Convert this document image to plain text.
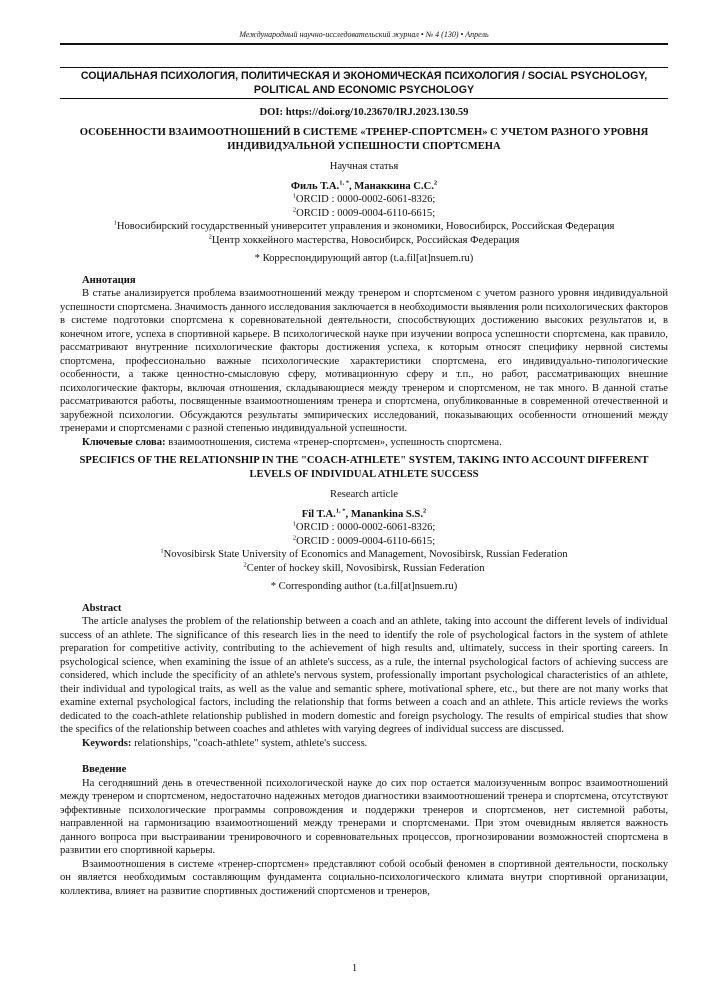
Международный научно-исследовательский журнал • № 4 (130) • Апрель
СОЦИАЛЬНАЯ ПСИХОЛОГИЯ, ПОЛИТИЧЕСКАЯ И ЭКОНОМИЧЕСКАЯ ПСИХОЛОГИЯ / SOCIAL PSYCHOLOGY, POLITICAL AND ECONOMIC PSYCHOLOGY
DOI: https://doi.org/10.23670/IRJ.2023.130.59
ОСОБЕННОСТИ ВЗАИМООТНОШЕНИЙ В СИСТЕМЕ «ТРЕНЕР-СПОРТСМЕН» С УЧЕТОМ РАЗНОГО УРОВНЯ ИНДИВИДУАЛЬНОЙ УСПЕШНОСТИ СПОРТСМЕНА
Научная статья
Филь Т.А.$^{1, *}$, Манаккина С.С.$^2$
$^1$ORCID : 0000-0002-6061-8326;
$^2$ORCID : 0009-0004-6110-6615;
$^1$Новосибирский государственный университет управления и экономики, Новосибирск, Российская Федерация
$^2$Центр хоккейного мастерства, Новосибирск, Российская Федерация
* Корреспондирующий автор (t.a.fil[at]nsuem.ru)
Аннотация

В статье анализируется проблема взаимоотношений между тренером и спортсменом с учетом разного уровня индивидуальной успешности спортсмена. Значимость данного исследования заключается в необходимости выявления роли психологических факторов в системе подготовки спортсмена к соревновательной деятельности, способствующих достижению высоких результатов и, в конечном итоге, успеха в спортивной карьере. В психологической науке при изучении вопроса успешности спортсмена, как правило, рассматривают внутренние психологические факторы достижения успеха, к которым относят специфику нервной системы спортсмена, профессионально важные психологические характеристики спортсмена, его индивидуально-типологические особенности, а также ценностно-смысловую сферу, мотивационную сферу и т.п., но работ, рассматривающих внешние психологические факторы, включая отношения, складывающиеся между тренером и спортсменом, не так много. В данной статье рассматриваются работы, посвященные взаимоотношениям тренера и спортсмена, опубликованные в современной отечественной и зарубежной психологии. Обсуждаются результаты эмпирических исследований, показывающих особенности отношений между тренерами и спортсменами с разной степенью индивидуальной успешности.

Ключевые слова: взаимоотношения, система «тренер-спортсмен», успешность спортсмена.
SPECIFICS OF THE RELATIONSHIP IN THE "COACH-ATHLETE" SYSTEM, TAKING INTO ACCOUNT DIFFERENT LEVELS OF INDIVIDUAL ATHLETE SUCCESS
Research article
Fil T.A.$^{1, *}$, Manankina S.S.$^2$
$^1$ORCID : 0000-0002-6061-8326;
$^2$ORCID : 0009-0004-6110-6615;
$^1$Novosibirsk State University of Economics and Management, Novosibirsk, Russian Federation
$^2$Center of hockey skill, Novosibirsk, Russian Federation
* Corresponding author (t.a.fil[at]nsuem.ru)
Abstract

The article analyses the problem of the relationship between a coach and an athlete, taking into account the different levels of individual success of an athlete. The significance of this research lies in the need to identify the role of psychological factors in the system of athlete preparation for competitive activity, contributing to the achievement of high results and, ultimately, success in their sporting careers. In psychological science, when examining the issue of an athlete's success, as a rule, the internal psychological factors of achieving success are considered, which include the specificity of an athlete's nervous system, professionally important psychological characteristics of an athlete, their individual and typological traits, as well as the value and semantic sphere, motivational sphere, etc., but there are not many works that examine external psychological factors, including the relationship that forms between a coach and an athlete. This article reviews the works dedicated to the coach-athlete relationship published in modern domestic and foreign psychology. The results of empirical studies that show the specifics of the relationship between coaches and athletes with varying degrees of individual success are discussed.

Keywords: relationships, "coach-athlete" system, athlete's success.
Введение

На сегодняшний день в отечественной психологической науке до сих пор остается малоизученным вопрос взаимоотношений между тренером и спортсменом, недостаточно надежных методов диагностики взаимоотношений тренера и спортсмена, отсутствуют эффективные психологические программы сопровождения и поддержки тренеров и спортсменов, нет системной работы, направленной на гармонизацию взаимоотношений между тренерами и спортсменами. При этом очевидным является важность данного вопроса при выстраивании тренировочного и соревновательных процессов, прогнозировании возможностей спортсмена в развитии его спортивной карьеры.

Взаимоотношения в системе «тренер-спортсмен» представляют собой особый феномен в спортивной деятельности, поскольку он является необходимым составляющим фундамента социально-психологического климата внутри спортивной организации, коллектива, влияет на развитие спортивных достижений спортсменов и тренеров,

1
